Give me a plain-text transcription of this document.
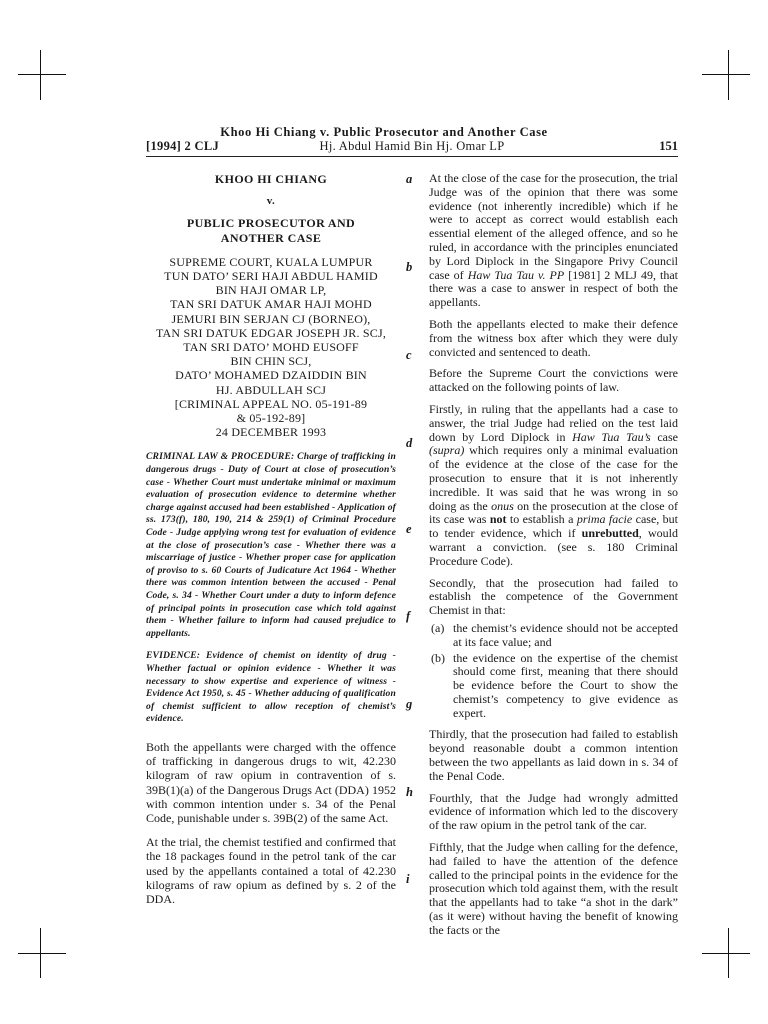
Khoo Hi Chiang v. Public Prosecutor and Another Case
[1994] 2 CLJ	Hj. Abdul Hamid Bin Hj. Omar LP	151
KHOO HI CHIANG
v.
PUBLIC PROSECUTOR AND
ANOTHER CASE
SUPREME COURT, KUALA LUMPUR
TUN DATO’ SERI HAJI ABDUL HAMID
BIN HAJI OMAR LP,
TAN SRI DATUK AMAR HAJI MOHD
JEMURI BIN SERJAN CJ (BORNEO),
TAN SRI DATUK EDGAR JOSEPH JR. SCJ,
TAN SRI DATO’ MOHD EUSOFF
BIN CHIN SCJ,
DATO’ MOHAMED DZAIDDIN BIN
HJ. ABDULLAH SCJ
[CRIMINAL APPEAL NO. 05-191-89
& 05-192-89]
24 DECEMBER 1993
CRIMINAL LAW & PROCEDURE: Charge of trafficking in dangerous drugs - Duty of Court at close of prosecution’s case - Whether Court must undertake minimal or maximum evaluation of prosecution evidence to determine whether charge against accused had been established - Application of ss. 173(f), 180, 190, 214 & 259(1) of Criminal Procedure Code - Judge applying wrong test for evaluation of evidence at the close of prosecution’s case - Whether there was a miscarriage of justice - Whether proper case for application of proviso to s. 60 Courts of Judicature Act 1964 - Whether there was common intention between the accused - Penal Code, s. 34 - Whether Court under a duty to inform defence of principal points in prosecution case which told against them - Whether failure to inform had caused prejudice to appellants.
EVIDENCE: Evidence of chemist on identity of drug - Whether factual or opinion evidence - Whether it was necessary to show expertise and experience of witness - Evidence Act 1950, s. 45 - Whether adducing of qualification of chemist sufficient to allow reception of chemist’s evidence.

Both the appellants were charged with the offence of trafficking in dangerous drugs to wit, 42.230 kilogram of raw opium in contravention of s. 39B(1)(a) of the Dangerous Drugs Act (DDA) 1952 with common intention under s. 34 of the Penal Code, punishable under s. 39B(2) of the same Act.

At the trial, the chemist testified and confirmed that the 18 packages found in the petrol tank of the car used by the appellants contained a total of 42.230 kilograms of raw opium as defined by s. 2 of the DDA.

a
b
c
d
e
f
g
h
i

At the close of the case for the prosecution, the trial Judge was of the opinion that there was some evidence (not inherently incredible) which if he were to accept as correct would establish each essential element of the alleged offence, and so he ruled, in accordance with the principles enunciated by Lord Diplock in the Singapore Privy Council case of Haw Tua Tau v. PP [1981] 2 MLJ 49, that there was a case to answer in respect of both the appellants.

Both the appellants elected to make their defence from the witness box after which they were duly convicted and sentenced to death.

Before the Supreme Court the convictions were attacked on the following points of law.

Firstly, in ruling that the appellants had a case to answer, the trial Judge had relied on the test laid down by Lord Diplock in Haw Tua Tau’s case (supra) which requires only a minimal evaluation of the evidence at the close of the case for the prosecution to ensure that it is not inherently incredible. It was said that he was wrong in so doing as the onus on the prosecution at the close of its case was not to establish a prima facie case, but to tender evidence, which if unrebutted, would warrant a conviction. (see s. 180 Criminal Procedure Code).

Secondly, that the prosecution had failed to establish the competence of the Government Chemist in that:

(a) the chemist’s evidence should not be accepted at its face value; and
(b) the evidence on the expertise of the chemist should come first, meaning that there should be evidence before the Court to show the chemist’s competency to give evidence as expert.

Thirdly, that the prosecution had failed to establish beyond reasonable doubt a common intention between the two appellants as laid down in s. 34 of the Penal Code.

Fourthly, that the Judge had wrongly admitted evidence of information which led to the discovery of the raw opium in the petrol tank of the car.

Fifthly, that the Judge when calling for the defence, had failed to have the attention of the defence called to the principal points in the evidence for the prosecution which told against them, with the result that the appellants had to take “a shot in the dark” (as it were) without having the benefit of knowing the facts or the
